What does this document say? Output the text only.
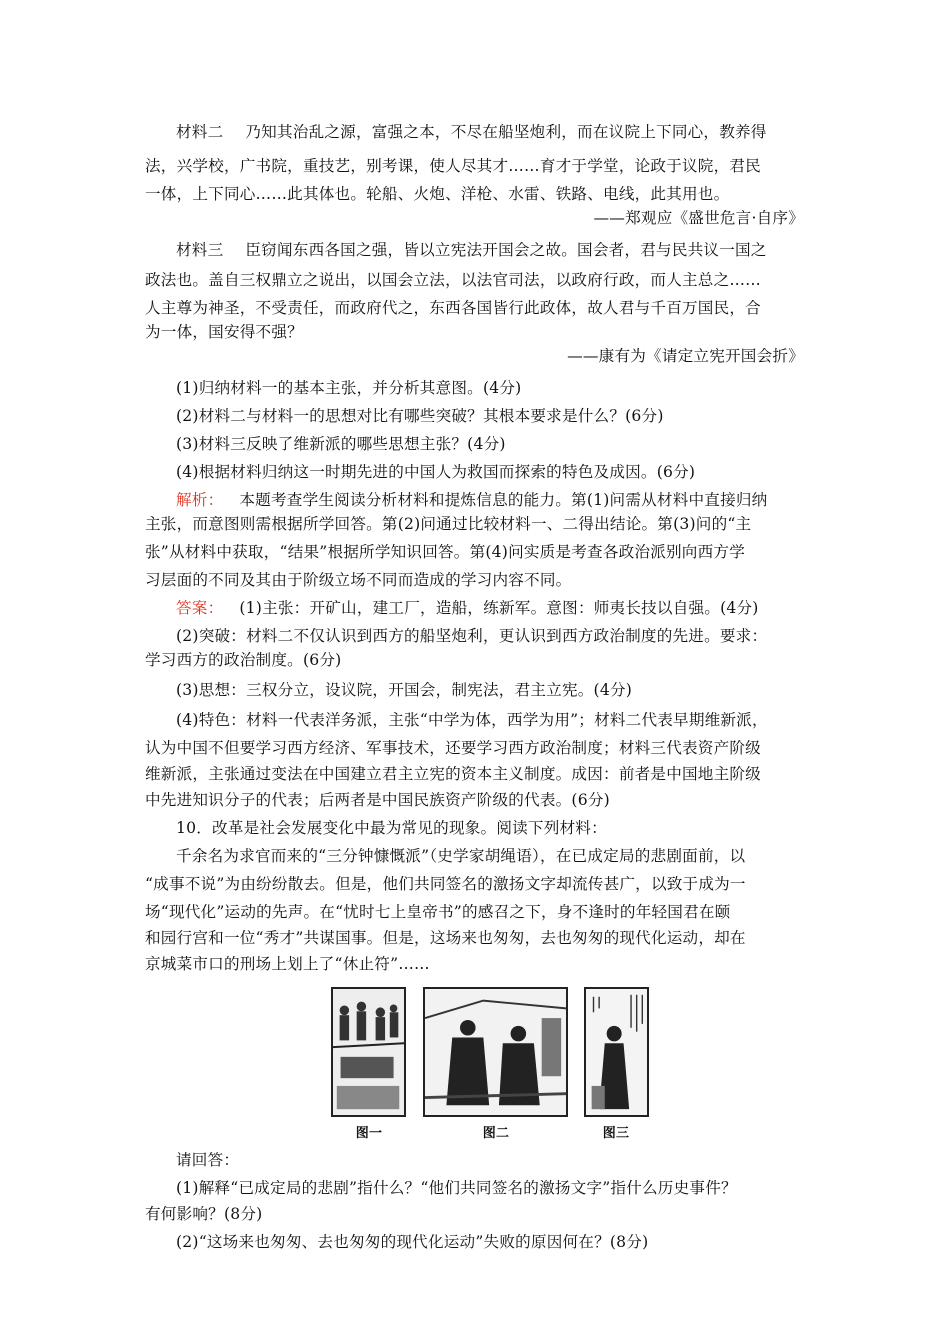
材料二 乃知其治乱之源，富强之本，不尽在船坚炮利，而在议院上下同心，教养得
法，兴学校，广书院，重技艺，别考课，使人尽其才……育才于学堂，论政于议院，君民
一体，上下同心……此其体也。轮船、火炮、洋枪、水雷、铁路、电线，此其用也。
——郑观应《盛世危言·自序》
材料三 臣窃闻东西各国之强，皆以立宪法开国会之故。国会者，君与民共议一国之
政法也。盖自三权鼎立之说出，以国会立法，以法官司法，以政府行政，而人主总之……
人主尊为神圣，不受责任，而政府代之，东西各国皆行此政体，故人君与千百万国民，合
为一体，国安得不强？
——康有为《请定立宪开国会折》
(1)归纳材料一的基本主张，并分析其意图。(4分)
(2)材料二与材料一的思想对比有哪些突破？其根本要求是什么？(6分)
(3)材料三反映了维新派的哪些思想主张？(4分)
(4)根据材料归纳这一时期先进的中国人为救国而探索的特色及成因。(6分)
解析： 本题考查学生阅读分析材料和提炼信息的能力。第(1)问需从材料中直接归纳
主张，而意图则需根据所学回答。第(2)问通过比较材料一、二得出结论。第(3)问的“主
张”从材料中获取，“结果”根据所学知识回答。第(4)问实质是考查各政治派别向西方学
习层面的不同及其由于阶级立场不同而造成的学习内容不同。
答案： (1)主张：开矿山，建工厂，造船，练新军。意图：师夷长技以自强。(4分)
(2)突破：材料二不仅认识到西方的船坚炮利，更认识到西方政治制度的先进。要求：
学习西方的政治制度。(6分)
(3)思想：三权分立，设议院，开国会，制宪法，君主立宪。(4分)
(4)特色：材料一代表洋务派，主张“中学为体，西学为用”；材料二代表早期维新派，
认为中国不但要学习西方经济、军事技术，还要学习西方政治制度；材料三代表资产阶级
维新派，主张通过变法在中国建立君主立宪的资本主义制度。成因：前者是中国地主阶级
中先进知识分子的代表；后两者是中国民族资产阶级的代表。(6分)
10．改革是社会发展变化中最为常见的现象。阅读下列材料：
千余名为求官而来的“三分钟慷慨派”（史学家胡绳语），在已成定局的悲剧面前，以
“成事不说”为由纷纷散去。但是，他们共同签名的激扬文字却流传甚广，以致于成为一
场“现代化”运动的先声。在“忧时七上皇帝书”的感召之下，身不逢时的年轻国君在颐
和园行宫和一位“秀才”共谋国事。但是，这场来也匆匆，去也匆匆的现代化运动，却在
京城菜市口的刑场上划上了“休止符”……
图一	图二	图三
请回答：
(1)解释“已成定局的悲剧”指什么？“他们共同签名的激扬文字”指什么历史事件？
有何影响？(8分)
(2)“这场来也匆匆、去也匆匆的现代化运动”失败的原因何在？(8分)
